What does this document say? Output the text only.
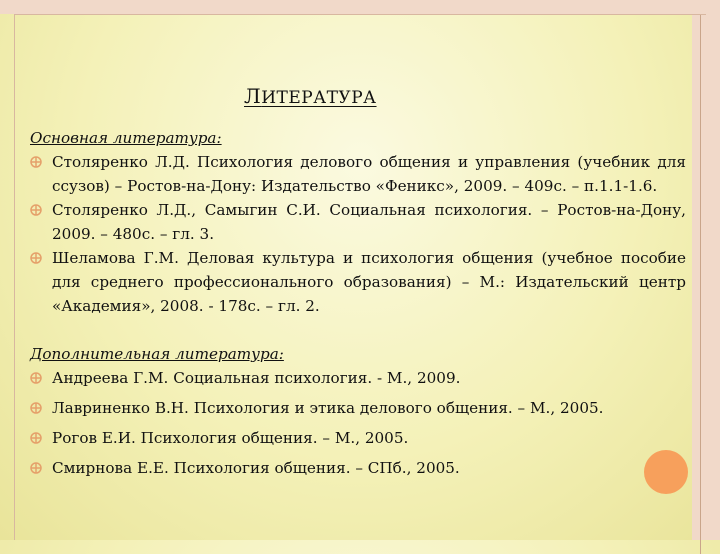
ЛИТЕРАТУРА
Основная литература:
Столяренко Л.Д. Психология делового общения и управления (учебник для ссузов) – Ростов-на-Дону: Издательство «Феникс», 2009. – 409с. – п.1.1-1.6.
Столяренко Л.Д., Самыгин С.И. Социальная психология. – Ростов-на-Дону, 2009. – 480с. – гл. 3.
Шеламова Г.М. Деловая культура и психология общения (учебное пособие для среднего профессионального образования) – М.: Издательский центр «Академия», 2008. - 178с. – гл. 2.
Дополнительная литература:
Андреева Г.М. Социальная психология. - М., 2009.
Лавриненко В.Н. Психология и этика делового общения. – М., 2005.
Рогов Е.И. Психология общения. – М., 2005.
Смирнова Е.Е. Психология общения. – СПб., 2005.
